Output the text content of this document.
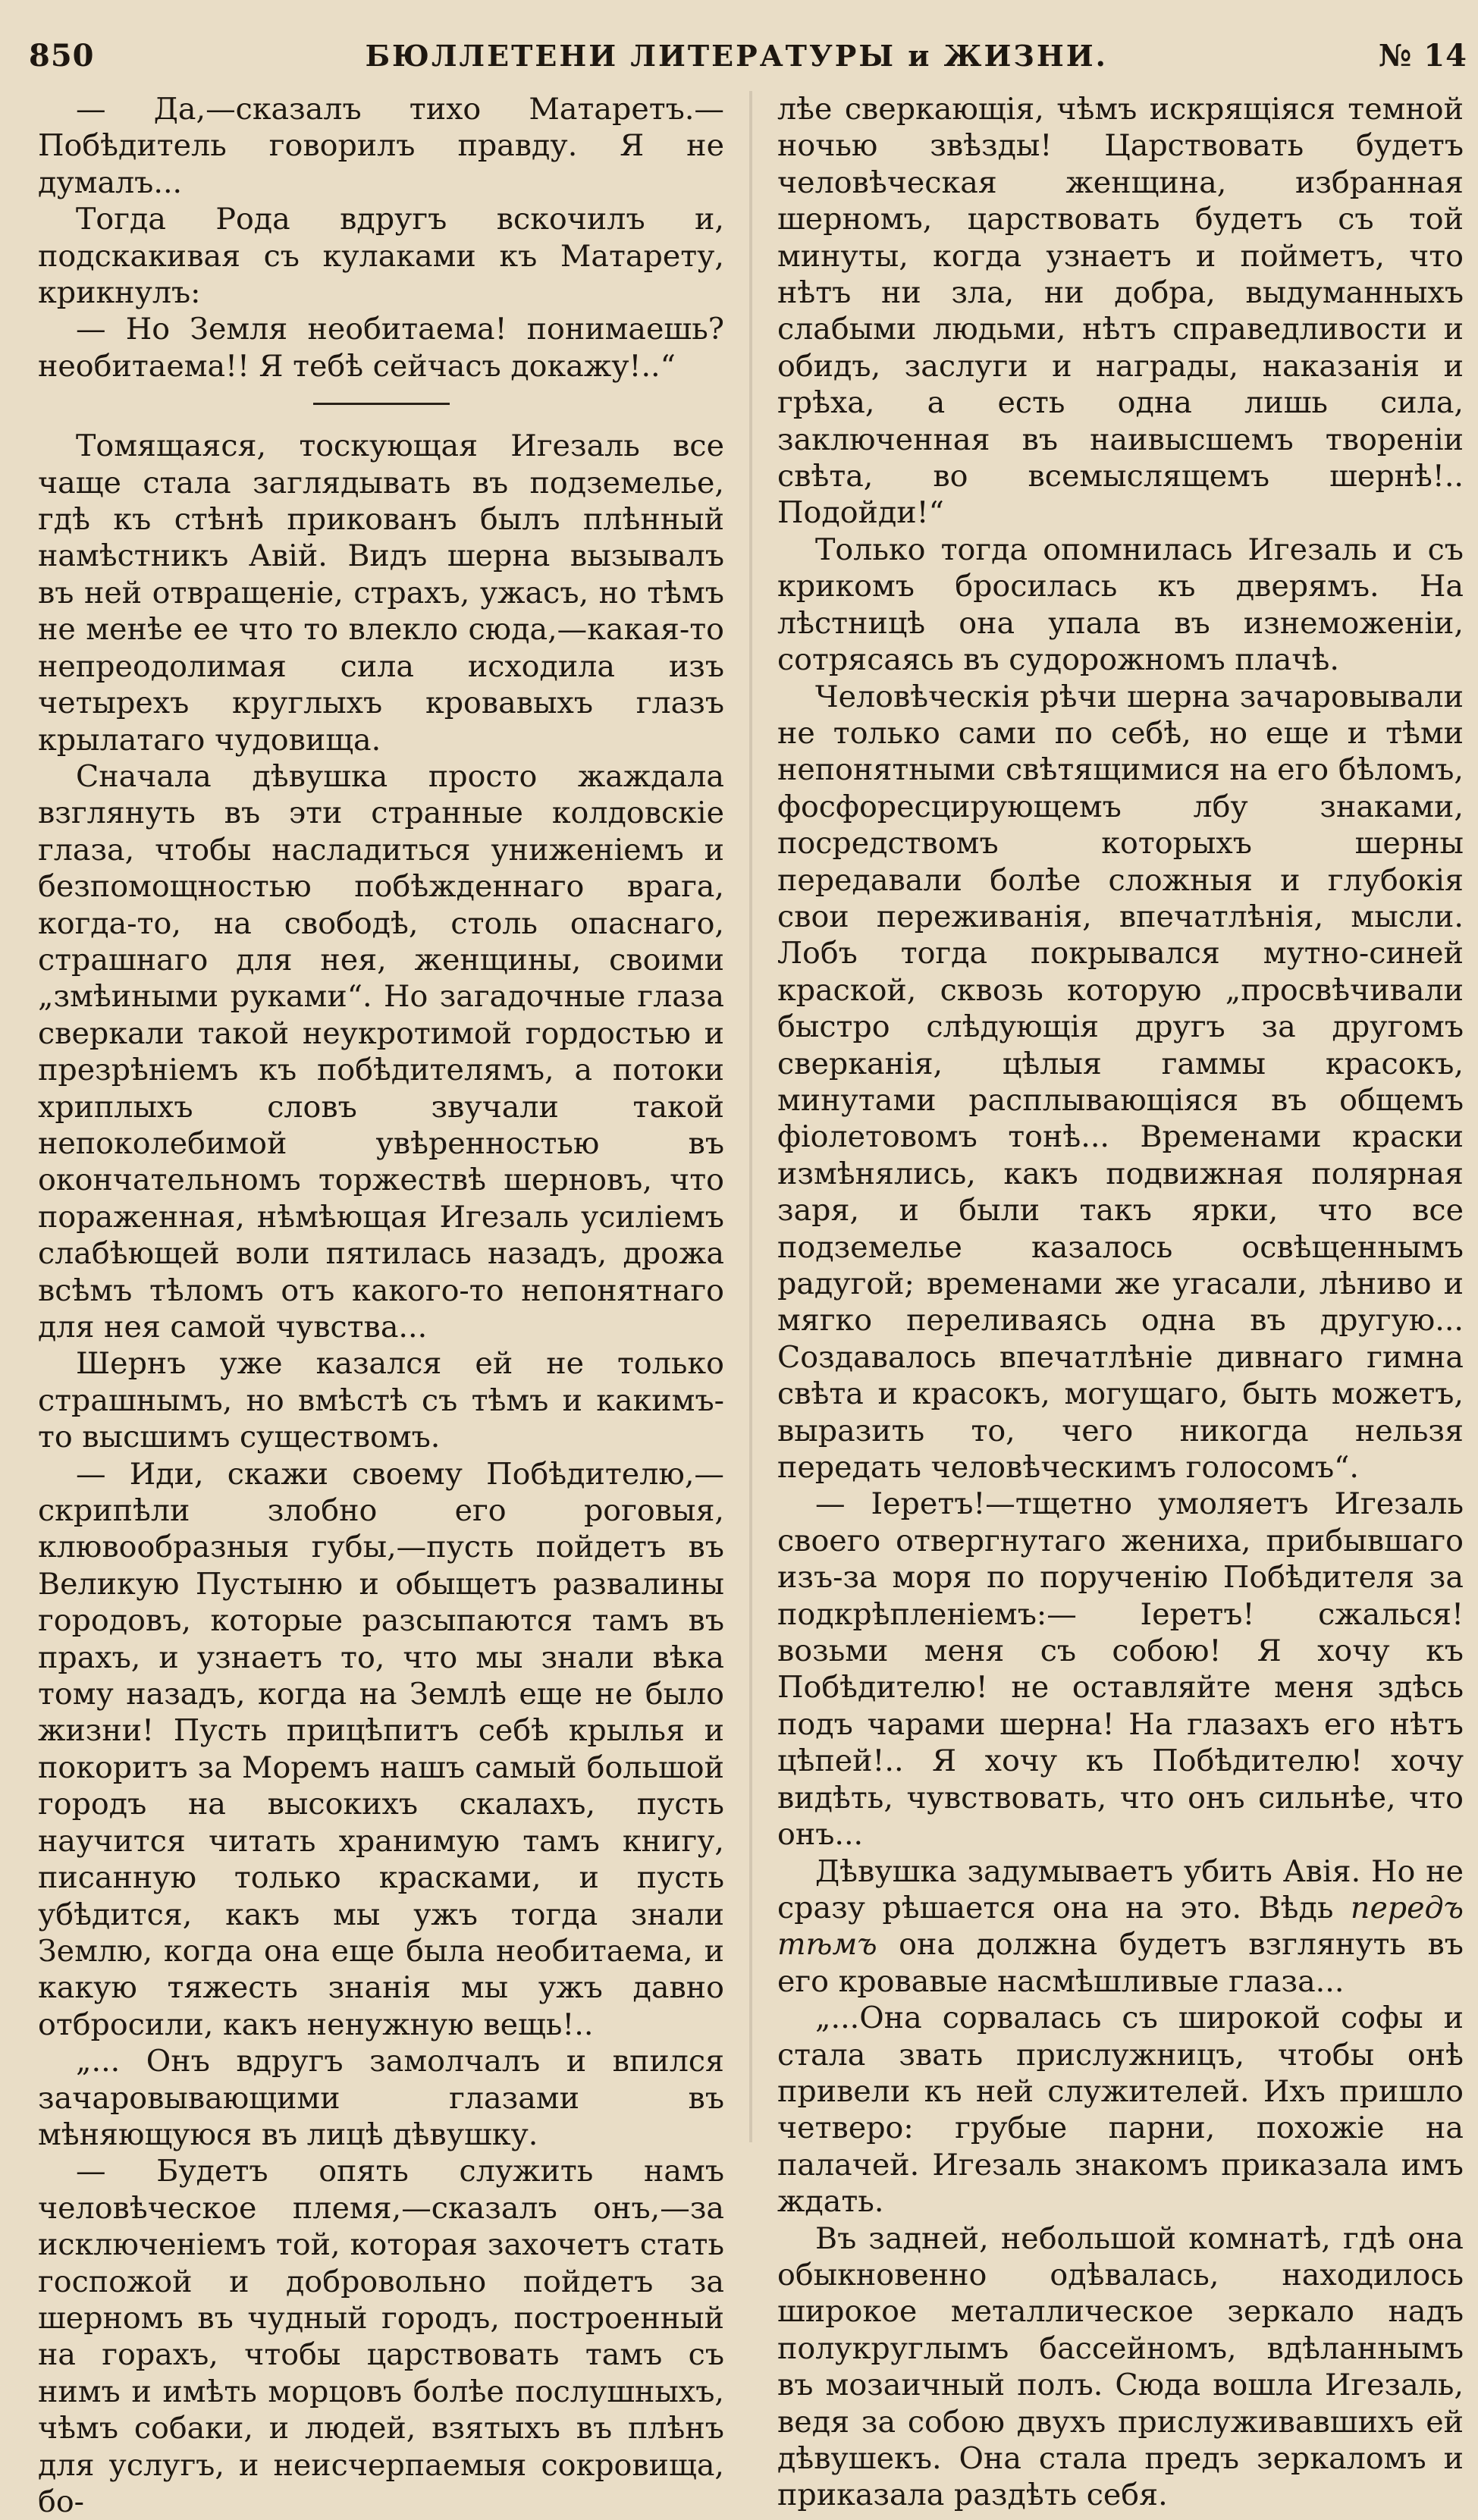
850	БЮЛЛЕТЕНИ ЛИТЕРАТУРЫ и ЖИЗНИ.	№ 14

— Да,—сказалъ тихо Матаретъ.—Побѣдитель говорилъ правду. Я не думалъ...

Тогда Рода вдругъ вскочилъ и, подскакивая съ кулаками къ Матарету, крикнулъ:

— Но Земля необитаема! понимаешь? необитаема!! Я тебѣ сейчасъ докажу!..“

Томящаяся, тоскующая Игезаль все чаще стала заглядывать въ подземелье, гдѣ къ стѣнѣ прикованъ былъ плѣнный намѣстникъ Авій. Видъ шерна вызывалъ въ ней отвращеніе, страхъ, ужасъ, но тѣмъ не менѣе ее что то влекло сюда,—какая-то непреодолимая сила исходила изъ четырехъ круглыхъ кровавыхъ глазъ крылатаго чудовища.

Сначала дѣвушка просто жаждала взглянуть въ эти странные колдовскіе глаза, чтобы насладиться униженіемъ и безпомощностью побѣжденнаго врага, когда-то, на свободѣ, столь опаснаго, страшнаго для нея, женщины, своими „змѣиными руками“. Но загадочные глаза сверкали такой неукротимой гордостью и презрѣніемъ къ побѣдителямъ, а потоки хриплыхъ словъ звучали такой непоколебимой увѣренностью въ окончательномъ торжествѣ шерновъ, что пораженная, нѣмѣющая Игезаль усиліемъ слабѣющей воли пятилась назадъ, дрожа всѣмъ тѣломъ отъ какого-то непонятнаго для нея самой чувства...

Шернъ уже казался ей не только страшнымъ, но вмѣстѣ съ тѣмъ и какимъ-то высшимъ существомъ.

— Иди, скажи своему Побѣдителю,—скрипѣли злобно его роговыя, клювообразныя губы,—пусть пойдетъ въ Великую Пустыню и обыщетъ развалины городовъ, которые разсыпаются тамъ въ прахъ, и узнаетъ то, что мы знали вѣка тому назадъ, когда на Землѣ еще не было жизни! Пусть прицѣпитъ себѣ крылья и покоритъ за Моремъ нашъ самый большой городъ на высокихъ скалахъ, пусть научится читать хранимую тамъ книгу, писанную только красками, и пусть убѣдится, какъ мы ужъ тогда знали Землю, когда она еще была необитаема, и какую тяжесть знанія мы ужъ давно отбросили, какъ ненужную вещь!..

„... Онъ вдругъ замолчалъ и впился зачаровывающими глазами въ мѣняющуюся въ лицѣ дѣвушку.

— Будетъ опять служить намъ человѣческое племя,—сказалъ онъ,—за исключеніемъ той, которая захочетъ стать госпожой и добровольно пойдетъ за шерномъ въ чудный городъ, построенный на горахъ, чтобы царствовать тамъ съ нимъ и имѣть морцовъ болѣе послушныхъ, чѣмъ собаки, и людей, взятыхъ въ плѣнъ для услугъ, и неисчерпаемыя сокровища, бо-

лѣе сверкающія, чѣмъ искрящіяся темной ночью звѣзды! Царствовать будетъ человѣческая женщина, избранная шерномъ, царствовать будетъ съ той минуты, когда узнаетъ и пойметъ, что нѣтъ ни зла, ни добра, выдуманныхъ слабыми людьми, нѣтъ справедливости и обидъ, заслуги и награды, наказанія и грѣха, а есть одна лишь сила, заключенная въ наивысшемъ твореніи свѣта, во всемыслящемъ шернѣ!.. Подойди!“

Только тогда опомнилась Игезаль и съ крикомъ бросилась къ дверямъ. На лѣстницѣ она упала въ изнеможеніи, сотрясаясь въ судорожномъ плачѣ.

Человѣческія рѣчи шерна зачаровывали не только сами по себѣ, но еще и тѣми непонятными свѣтящимися на его бѣломъ, фосфоресцирующемъ лбу знаками, посредствомъ которыхъ шерны передавали болѣе сложныя и глубокія свои переживанія, впечатлѣнія, мысли. Лобъ тогда покрывался мутно-синей краской, сквозь которую „просвѣчивали быстро слѣдующія другъ за другомъ сверканія, цѣлыя гаммы красокъ, минутами расплывающіяся въ общемъ фіолетовомъ тонѣ... Временами краски измѣнялись, какъ подвижная полярная заря, и были такъ ярки, что все подземелье казалось освѣщеннымъ радугой; временами же угасали, лѣниво и мягко переливаясь одна въ другую... Создавалось впечатлѣніе дивнаго гимна свѣта и красокъ, могущаго, быть можетъ, выразить то, чего никогда нельзя передать человѣческимъ голосомъ“.

— Іеретъ!—тщетно умоляетъ Игезаль своего отвергнутаго жениха, прибывшаго изъ-за моря по порученію Побѣдителя за подкрѣпленіемъ:— Іеретъ! сжалься! возьми меня съ собою! Я хочу къ Побѣдителю! не оставляйте меня здѣсь подъ чарами шерна! На глазахъ его нѣтъ цѣпей!.. Я хочу къ Побѣдителю! хочу видѣть, чувствовать, что онъ сильнѣе, что онъ...

Дѣвушка задумываетъ убить Авія. Но не сразу рѣшается она на это. Вѣдь передъ тѣмъ она должна будетъ взглянуть въ его кровавые насмѣшливые глаза...

„...Она сорвалась съ широкой софы и стала звать прислужницъ, чтобы онѣ привели къ ней служителей. Ихъ пришло четверо: грубые парни, похожіе на палачей. Игезаль знакомъ приказала имъ ждать.

Въ задней, небольшой комнатѣ, гдѣ она обыкновенно одѣвалась, находилось широкое металлическое зеркало надъ полукруглымъ бассейномъ, вдѣланнымъ въ мозаичный полъ. Сюда вошла Игезаль, ведя за собою двухъ прислуживавшихъ ей дѣвушекъ. Она стала предъ зеркаломъ и приказала раздѣть себя.
